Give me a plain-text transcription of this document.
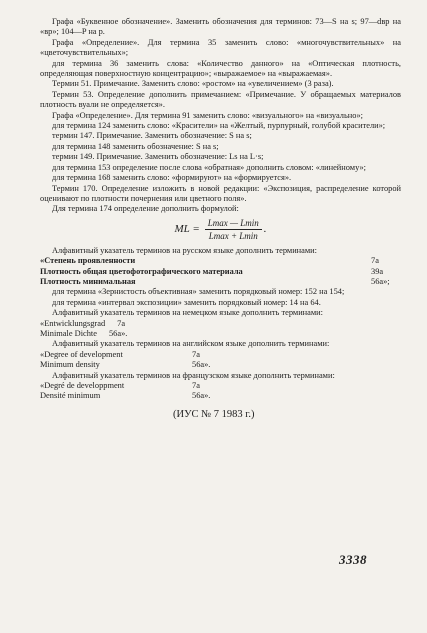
Графа «Буквенное обозначение». Заменить обозначения для терминов: 73—S на s; 97—dвр на «вр»; 104—P на p.

Графа «Определение». Для термина 35 заменить слово: «многочувствительных» на «цветочувствительных»;

для термина 36 заменить слова: «Количество данного» на «Оптическая плотность, определяющая поверхностную концентрацию»; «выражаемое» на «выражаемая».

Термин 51. Примечание. Заменить слово: «ростом» на «увеличением» (3 раза).

Термин 53. Определение дополнить примечанием: «Примечание. У обращаемых материалов плотность вуали не определяется».

Графа «Определение». Для термина 91 заменить слово: «визуального» на «визуально»;

для термина 124 заменить слово: «Красители» на «Желтый, пурпурный, голубой красители»;

термин 147. Примечание. Заменить обозначение: S на s;

для термина 148 заменить обозначение: S на s;

термин 149. Примечание. Заменить обозначение: Ls на L·s;

для термина 153 определение после слова «обратная» дополнить словом: «линейному»;

для термина 168 заменить слово: «формируют» на «формируется».

Термин 170. Определение изложить в новой редакции: «Экспозиция, распределение которой оценивают по плотности почернения или цветного поля».

Для термина 174 определение дополнить формулой:

ML = $\frac{Lmax — Lmin}{Lmax + Lmin}$ .

Алфавитный указатель терминов на русском языке дополнить терминами:

«Степень проявленности	7а
Плотность общая цветофотографического материала	39а
Плотность минимальная	56а»;

для термина «Зернистость объективная» заменить порядковый номер: 152 на 154;

для термина «интервал экспозиции» заменить порядковый номер: 14 на 64.

Алфавитный указатель терминов на немецком языке дополнить терминами:

«Entwicklungsgrad 7а
Minimale Dichte 56а».

Алфавитный указатель терминов на английском языке дополнить терминами:

«Degree of development	7а
Minimum density	56а».

Алфавитный указатель терминов на французском языке дополнить терминами:

«Degré de developpment	7а
Densité minimum	56а».
(ИУС № 7 1983 г.)
3338
